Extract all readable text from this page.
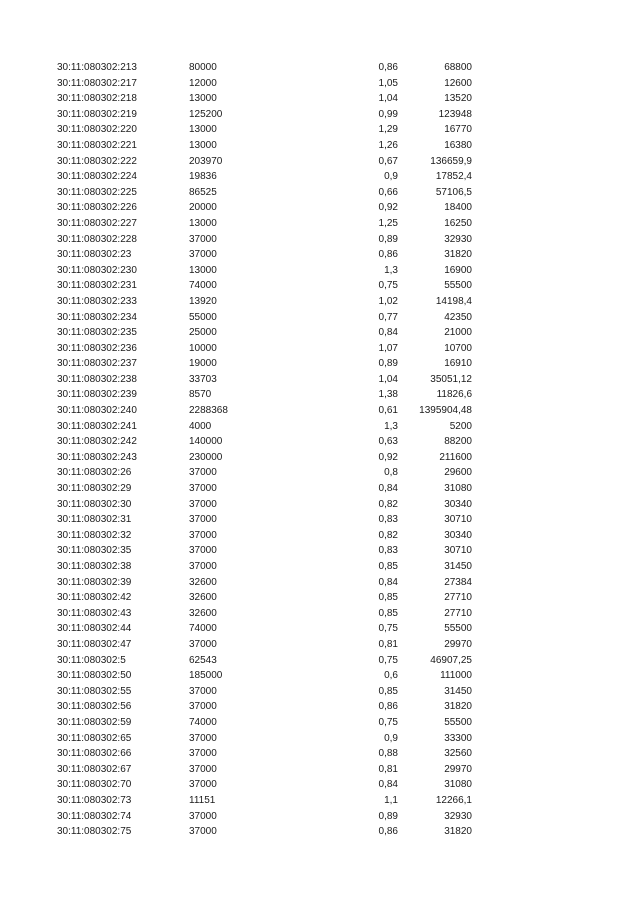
30:11:080302:213	80000	0,86	68800
30:11:080302:217	12000	1,05	12600
30:11:080302:218	13000	1,04	13520
30:11:080302:219	125200	0,99	123948
30:11:080302:220	13000	1,29	16770
30:11:080302:221	13000	1,26	16380
30:11:080302:222	203970	0,67	136659,9
30:11:080302:224	19836	0,9	17852,4
30:11:080302:225	86525	0,66	57106,5
30:11:080302:226	20000	0,92	18400
30:11:080302:227	13000	1,25	16250
30:11:080302:228	37000	0,89	32930
30:11:080302:23	37000	0,86	31820
30:11:080302:230	13000	1,3	16900
30:11:080302:231	74000	0,75	55500
30:11:080302:233	13920	1,02	14198,4
30:11:080302:234	55000	0,77	42350
30:11:080302:235	25000	0,84	21000
30:11:080302:236	10000	1,07	10700
30:11:080302:237	19000	0,89	16910
30:11:080302:238	33703	1,04	35051,12
30:11:080302:239	8570	1,38	11826,6
30:11:080302:240	2288368	0,61	1395904,48
30:11:080302:241	4000	1,3	5200
30:11:080302:242	140000	0,63	88200
30:11:080302:243	230000	0,92	211600
30:11:080302:26	37000	0,8	29600
30:11:080302:29	37000	0,84	31080
30:11:080302:30	37000	0,82	30340
30:11:080302:31	37000	0,83	30710
30:11:080302:32	37000	0,82	30340
30:11:080302:35	37000	0,83	30710
30:11:080302:38	37000	0,85	31450
30:11:080302:39	32600	0,84	27384
30:11:080302:42	32600	0,85	27710
30:11:080302:43	32600	0,85	27710
30:11:080302:44	74000	0,75	55500
30:11:080302:47	37000	0,81	29970
30:11:080302:5	62543	0,75	46907,25
30:11:080302:50	185000	0,6	111000
30:11:080302:55	37000	0,85	31450
30:11:080302:56	37000	0,86	31820
30:11:080302:59	74000	0,75	55500
30:11:080302:65	37000	0,9	33300
30:11:080302:66	37000	0,88	32560
30:11:080302:67	37000	0,81	29970
30:11:080302:70	37000	0,84	31080
30:11:080302:73	11151	1,1	12266,1
30:11:080302:74	37000	0,89	32930
30:11:080302:75	37000	0,86	31820
